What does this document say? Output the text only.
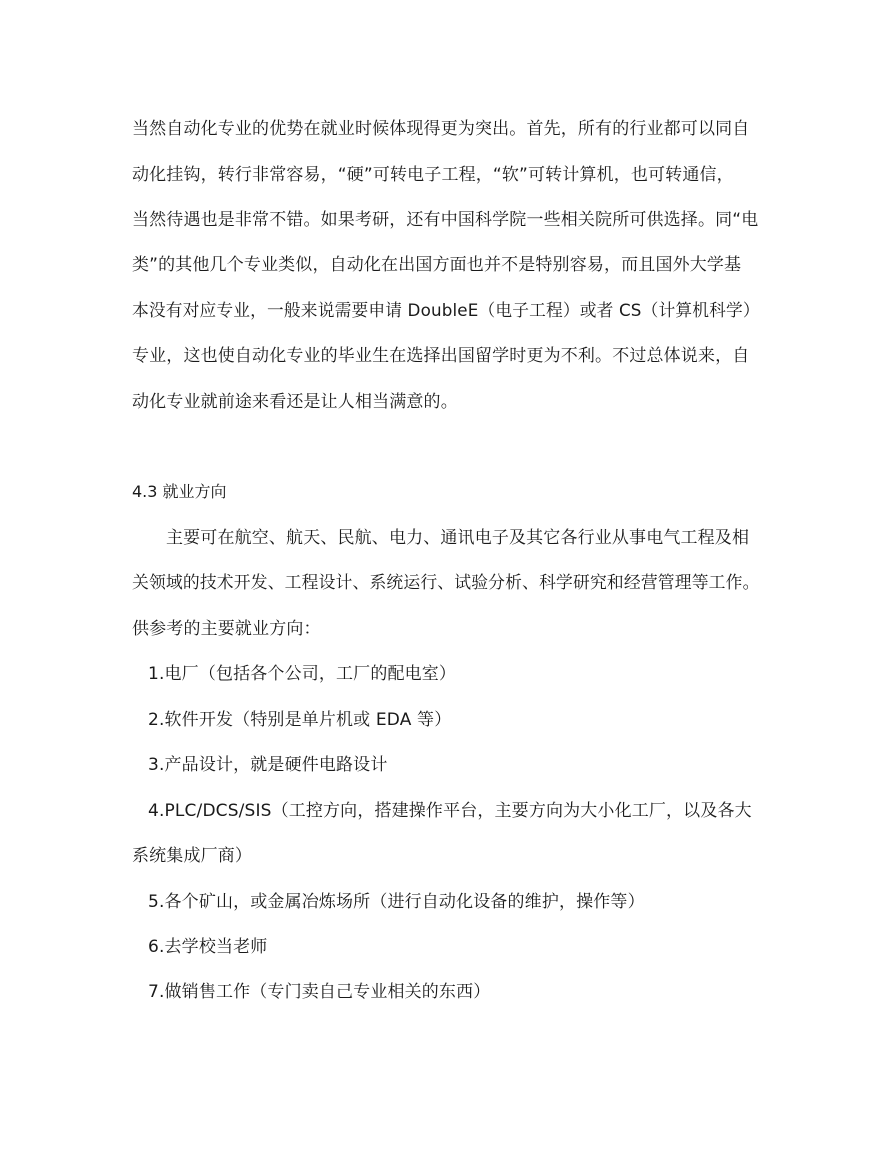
当然自动化专业的优势在就业时候体现得更为突出。首先，所有的行业都可以同自
动化挂钩，转行非常容易，“硬”可转电子工程，“软”可转计算机，也可转通信，
当然待遇也是非常不错。如果考研，还有中国科学院一些相关院所可供选择。同“电
类”的其他几个专业类似，自动化在出国方面也并不是特别容易，而且国外大学基
本没有对应专业，一般来说需要申请 DoubleE（电子工程）或者 CS（计算机科学）
专业，这也使自动化专业的毕业生在选择出国留学时更为不利。不过总体说来，自
动化专业就前途来看还是让人相当满意的。
4.3 就业方向
主要可在航空、航天、民航、电力、通讯电子及其它各行业从事电气工程及相
关领域的技术开发、工程设计、系统运行、试验分析、科学研究和经营管理等工作。
供参考的主要就业方向：
1.电厂（包括各个公司，工厂的配电室）
2.软件开发（特别是单片机或 EDA 等）
3.产品设计，就是硬件电路设计
4.PLC/DCS/SIS（工控方向，搭建操作平台，主要方向为大小化工厂，以及各大
系统集成厂商）
5.各个矿山，或金属冶炼场所（进行自动化设备的维护，操作等）
6.去学校当老师
7.做销售工作（专门卖自己专业相关的东西）
